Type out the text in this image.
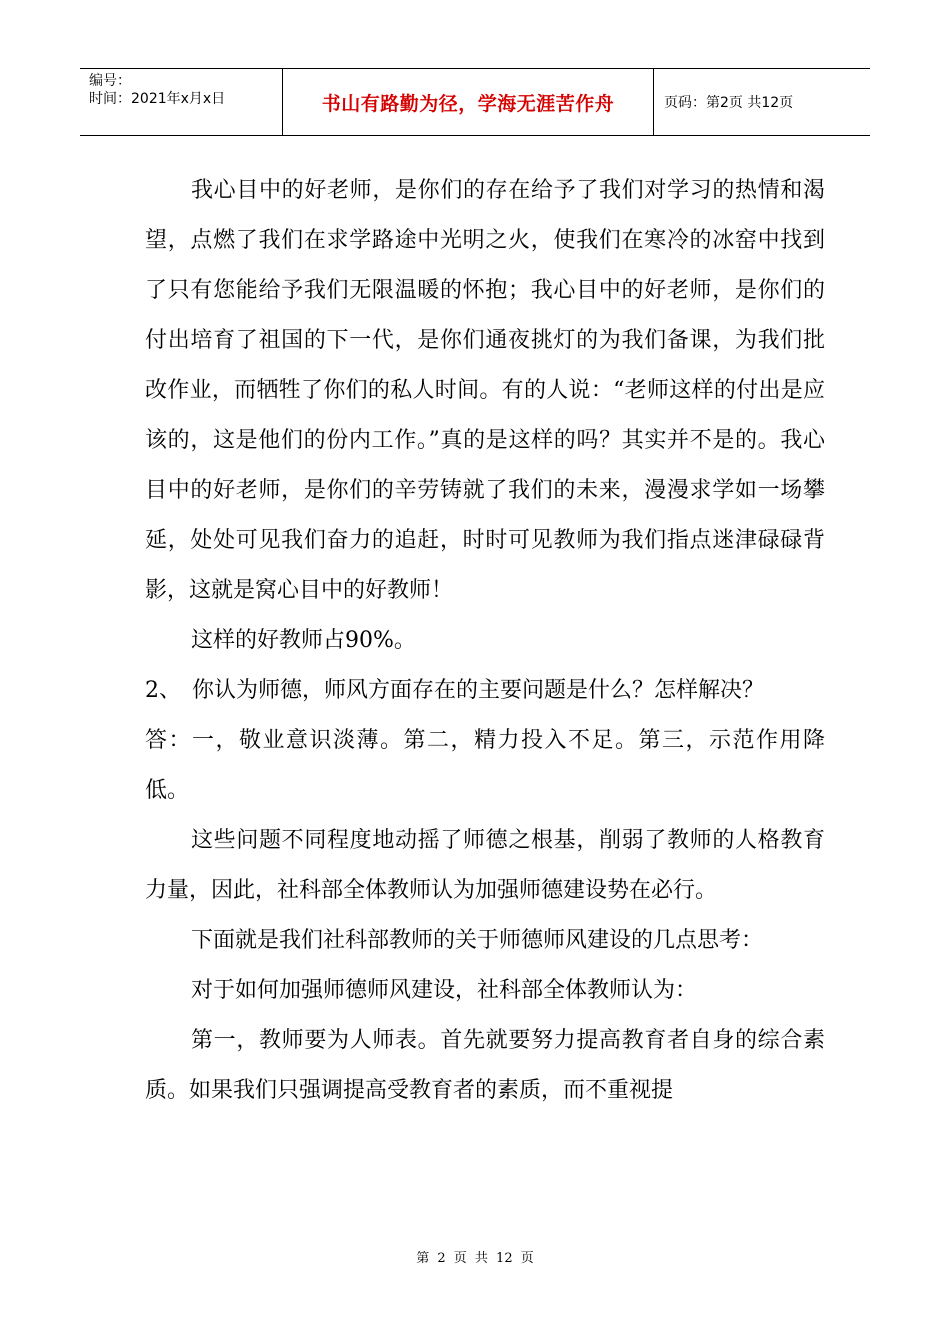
编号：
时间：2021年x月x日	书山有路勤为径，学海无涯苦作舟	页码：第2页 共12页

我心目中的好老师，是你们的存在给予了我们对学习的热情和渴望，点燃了我们在求学路途中光明之火，使我们在寒冷的冰窑中找到了只有您能给予我们无限温暖的怀抱；我心目中的好老师，是你们的付出培育了祖国的下一代，是你们通夜挑灯的为我们备课，为我们批改作业，而牺牲了你们的私人时间。有的人说：“老师这样的付出是应该的，这是他们的份内工作。”真的是这样的吗？其实并不是的。我心目中的好老师，是你们的辛劳铸就了我们的未来，漫漫求学如一场攀延，处处可见我们奋力的追赶，时时可见教师为我们指点迷津碌碌背影，这就是窝心目中的好教师！

这样的好教师占90%。

2、　你认为师德，师风方面存在的主要问题是什么？怎样解决？

答：一，敬业意识淡薄。第二，精力投入不足。第三，示范作用降低。

这些问题不同程度地动摇了师德之根基，削弱了教师的人格教育力量，因此，社科部全体教师认为加强师德建设势在必行。

下面就是我们社科部教师的关于师德师风建设的几点思考：

对于如何加强师德师风建设，社科部全体教师认为：

第一，教师要为人师表。首先就要努力提高教育者自身的综合素质。如果我们只强调提高受教育者的素质，而不重视提

第 2 页 共 12 页
